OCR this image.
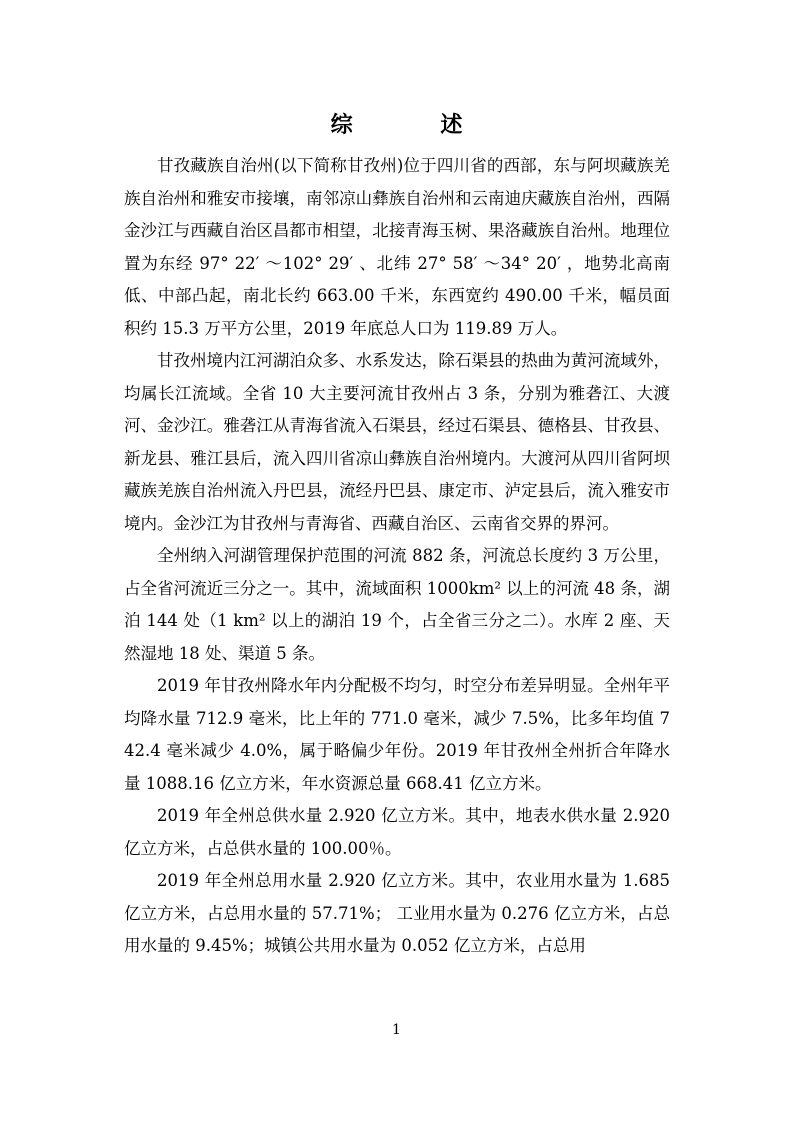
综 述

甘孜藏族自治州(以下简称甘孜州)位于四川省的西部，东与阿坝藏族羌族自治州和雅安市接壤，南邻凉山彝族自治州和云南迪庆藏族自治州，西隔金沙江与西藏自治区昌都市相望，北接青海玉树、果洛藏族自治州。地理位置为东经 97° 22′ ～102° 29′ 、北纬 27° 58′ ～34° 20′ ，地势北高南低、中部凸起，南北长约 663.00 千米，东西宽约 490.00 千米，幅员面积约 15.3 万平方公里，2019 年底总人口为 119.89 万人。

甘孜州境内江河湖泊众多、水系发达，除石渠县的热曲为黄河流域外，均属长江流域。全省 10 大主要河流甘孜州占 3 条，分别为雅砻江、大渡河、金沙江。雅砻江从青海省流入石渠县，经过石渠县、德格县、甘孜县、新龙县、雅江县后，流入四川省凉山彝族自治州境内。大渡河从四川省阿坝藏族羌族自治州流入丹巴县，流经丹巴县、康定市、泸定县后，流入雅安市境内。金沙江为甘孜州与青海省、西藏自治区、云南省交界的界河。

全州纳入河湖管理保护范围的河流 882 条，河流总长度约 3 万公里，占全省河流近三分之一。其中，流域面积 1000km² 以上的河流 48 条，湖泊 144 处（1 km² 以上的湖泊 19 个，占全省三分之二）。水库 2 座、天然湿地 18 处、渠道 5 条。

2019 年甘孜州降水年内分配极不均匀，时空分布差异明显。全州年平均降水量 712.9 毫米，比上年的 771.0 毫米，减少 7.5%，比多年均值 742.4 毫米减少 4.0%，属于略偏少年份。2019 年甘孜州全州折合年降水量 1088.16 亿立方米，年水资源总量 668.41 亿立方米。

2019 年全州总供水量 2.920 亿立方米。其中，地表水供水量 2.920 亿立方米，占总供水量的 100.00％。

2019 年全州总用水量 2.920 亿立方米。其中，农业用水量为 1.685 亿立方米，占总用水量的 57.71%； 工业用水量为 0.276 亿立方米，占总用水量的 9.45%；城镇公共用水量为 0.052 亿立方米，占总用

1
